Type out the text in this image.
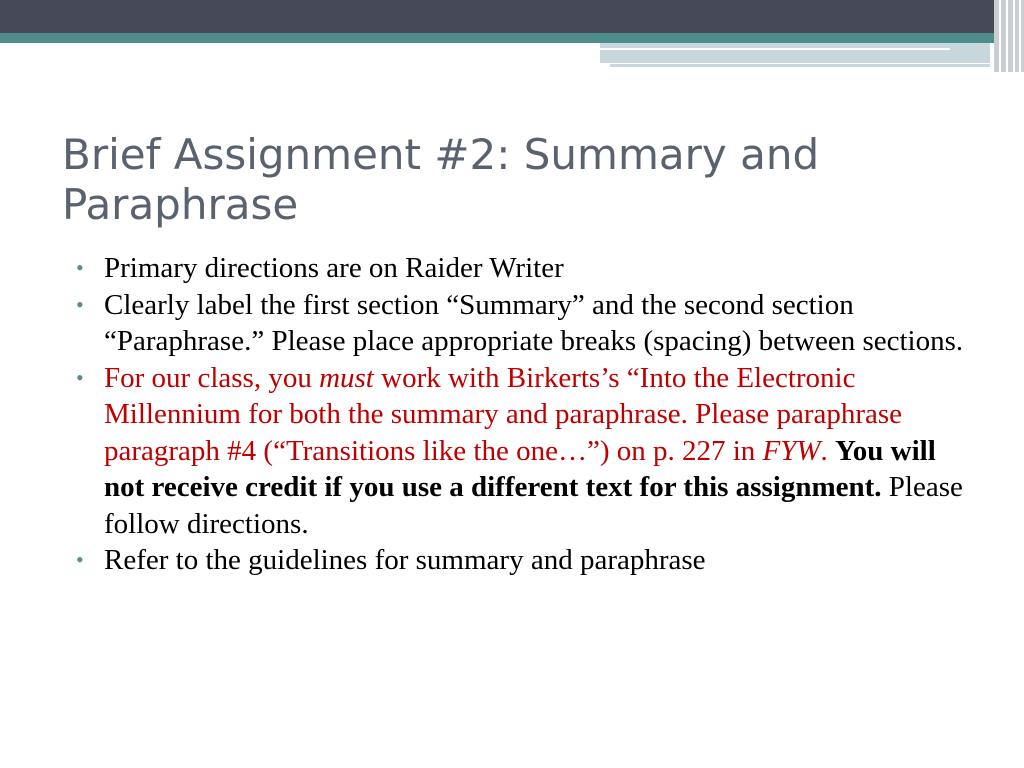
Brief Assignment #2: Summary and Paraphrase
• Primary directions are on Raider Writer
• Clearly label the first section “Summary” and the second section “Paraphrase.” Please place appropriate breaks (spacing) between sections.
• For our class, you must work with Birkerts’s “Into the Electronic Millennium for both the summary and paraphrase. Please paraphrase paragraph #4 (“Transitions like the one…”) on p. 227 in FYW. You will not receive credit if you use a different text for this assignment. Please follow directions.
• Refer to the guidelines for summary and paraphrase
